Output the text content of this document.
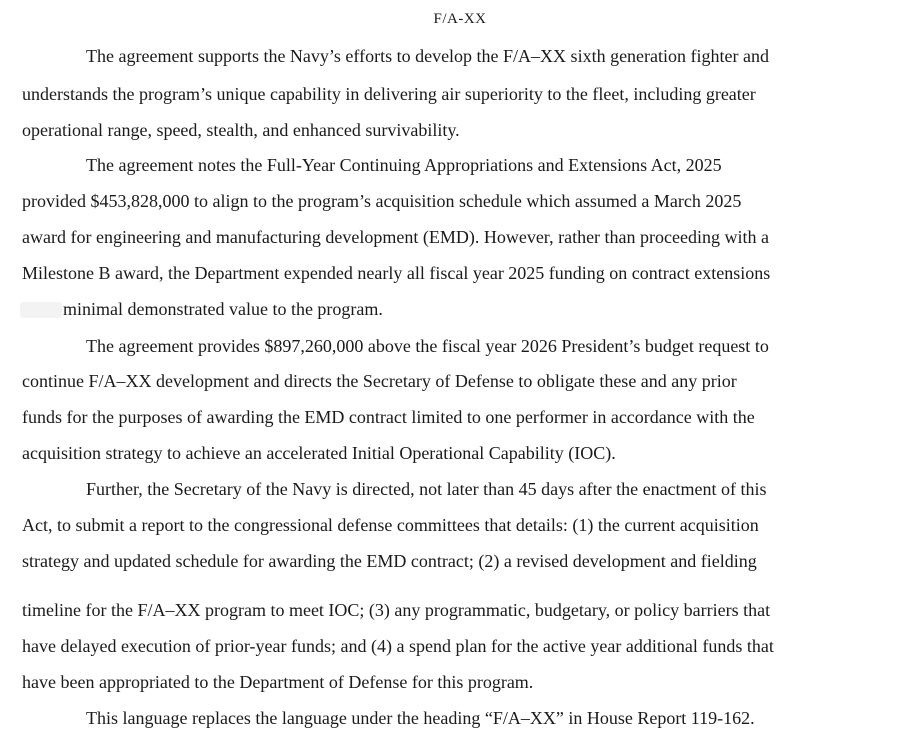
F/A-XX
The agreement supports the Navy’s efforts to develop the F/A–XX sixth generation fighter and
understands the program’s unique capability in delivering air superiority to the fleet, including greater
operational range, speed, stealth, and enhanced survivability.
The agreement notes the Full-Year Continuing Appropriations and Extensions Act, 2025
provided $453,828,000 to align to the program’s acquisition schedule which assumed a March 2025
award for engineering and manufacturing development (EMD). However, rather than proceeding with a
Milestone B award, the Department expended nearly all fiscal year 2025 funding on contract extensions
minimal demonstrated value to the program.
The agreement provides $897,260,000 above the fiscal year 2026 President’s budget request to
continue F/A–XX development and directs the Secretary of Defense to obligate these and any prior
funds for the purposes of awarding the EMD contract limited to one performer in accordance with the
acquisition strategy to achieve an accelerated Initial Operational Capability (IOC).
Further, the Secretary of the Navy is directed, not later than 45 days after the enactment of this
Act, to submit a report to the congressional defense committees that details: (1) the current acquisition
strategy and updated schedule for awarding the EMD contract; (2) a revised development and fielding
timeline for the F/A–XX program to meet IOC; (3) any programmatic, budgetary, or policy barriers that
have delayed execution of prior-year funds; and (4) a spend plan for the active year additional funds that
have been appropriated to the Department of Defense for this program.
This language replaces the language under the heading “F/A–XX” in House Report 119-162.
